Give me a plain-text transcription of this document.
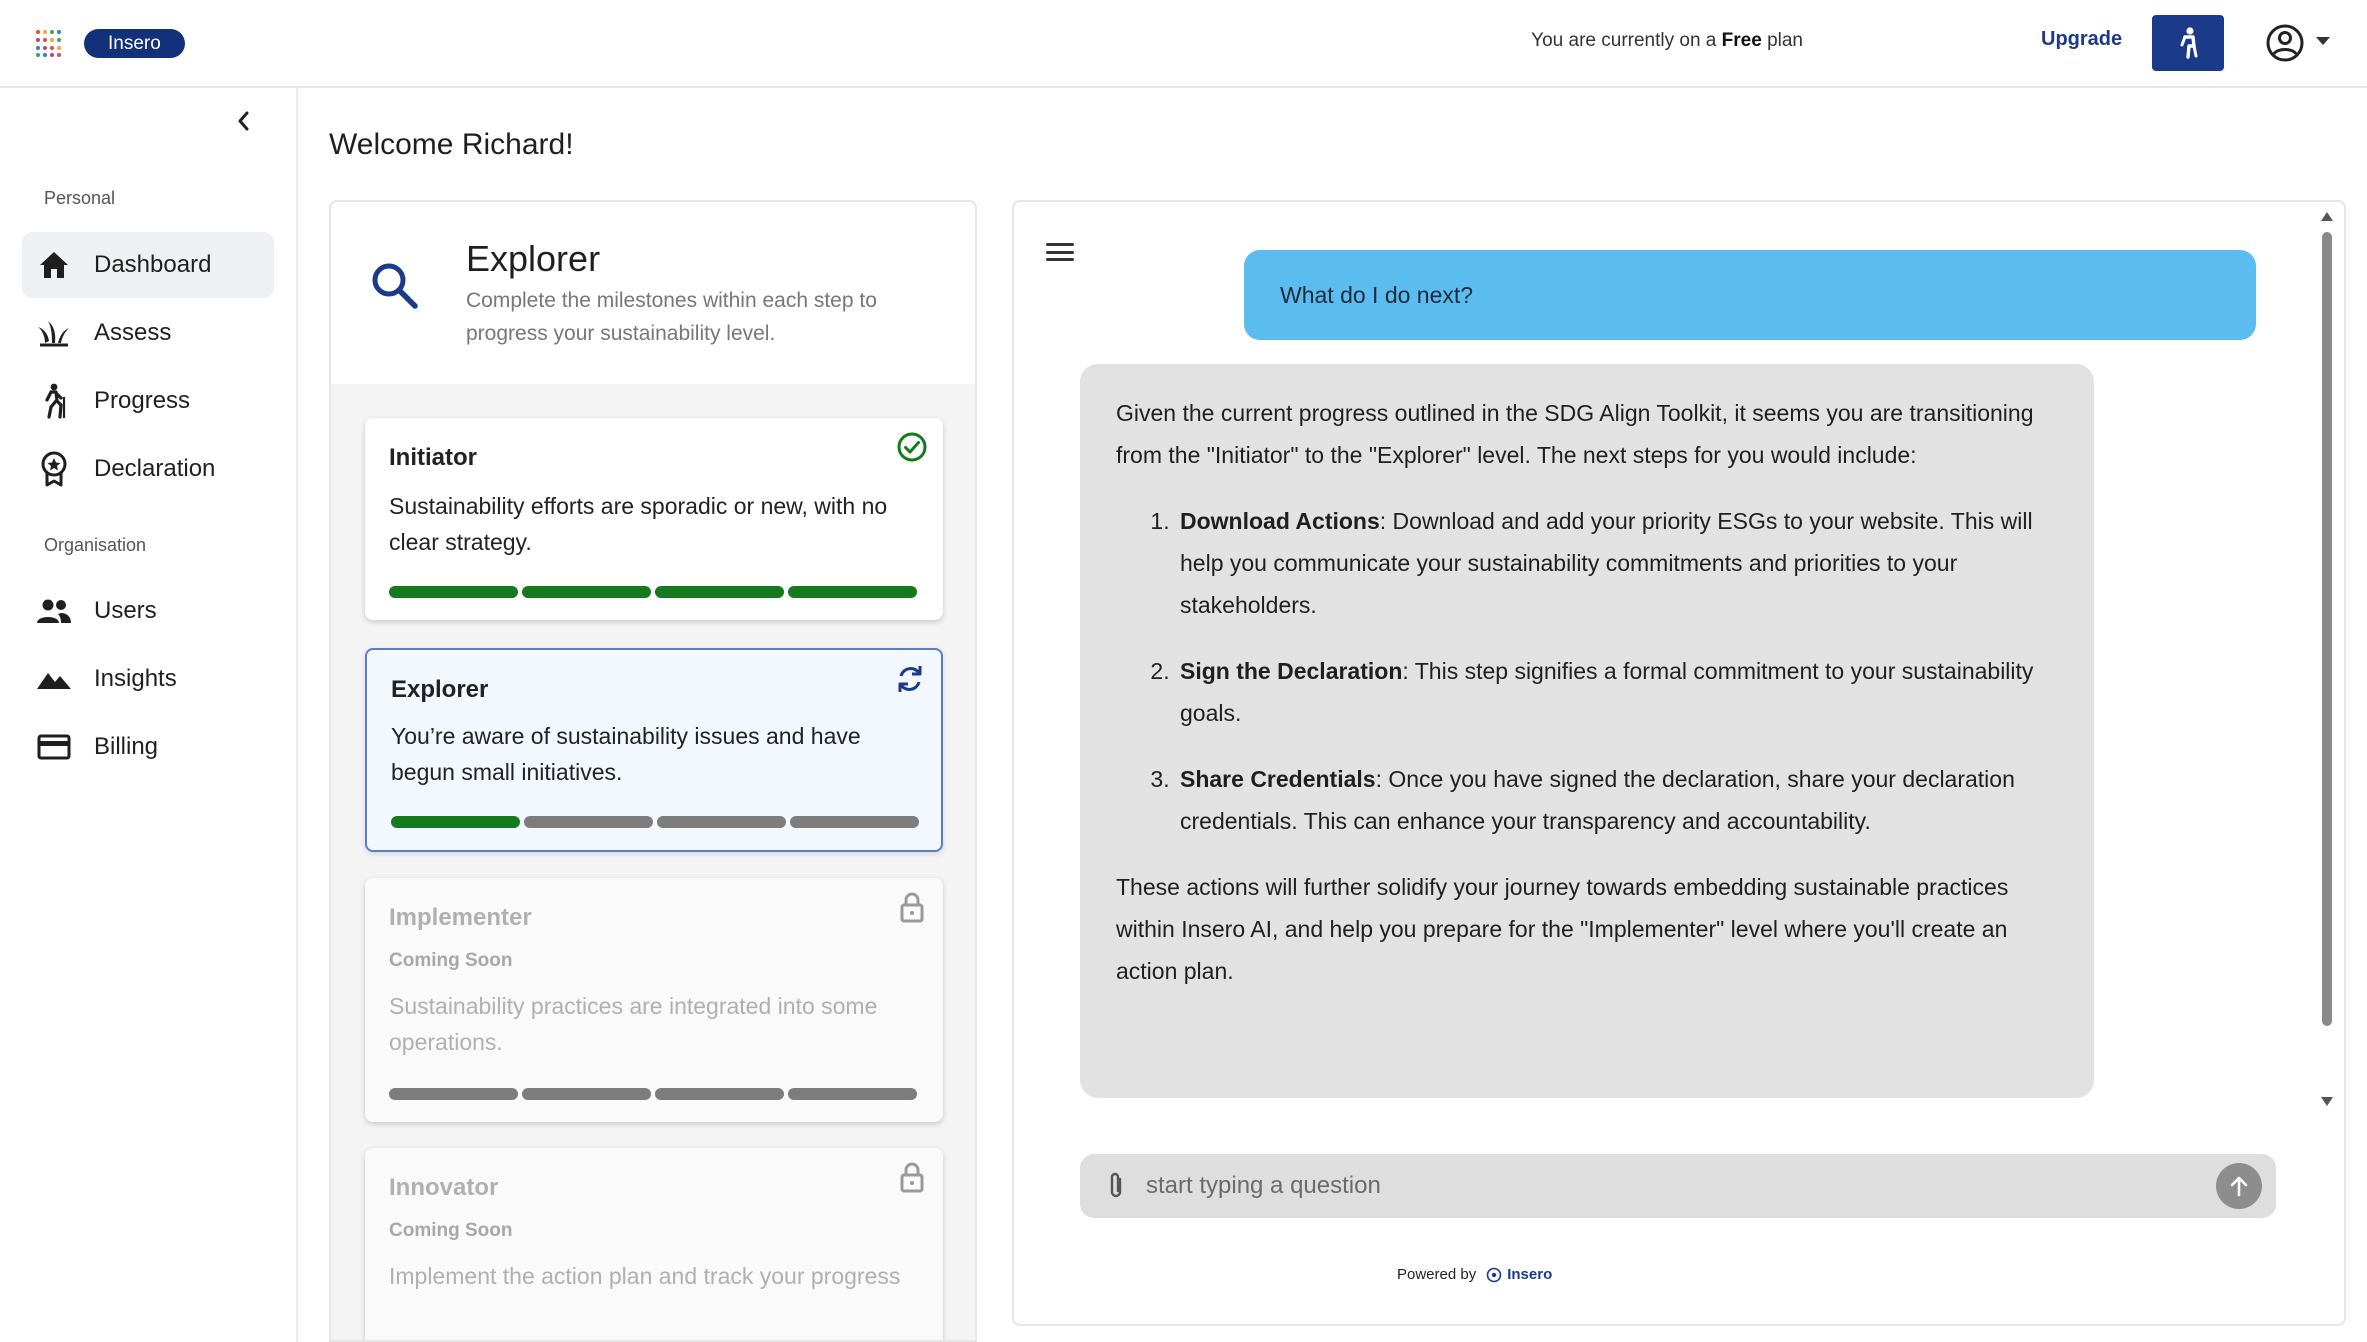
Insero	You are currently on a Free plan	Upgrade
Personal
Dashboard
Assess
Progress
Declaration
Organisation
Users
Insights
Billing
Welcome Richard!
Explorer
Complete the milestones within each step to progress your sustainability level.
Initiator
Sustainability efforts are sporadic or new, with no clear strategy.
Explorer
You’re aware of sustainability issues and have begun small initiatives.
Implementer
Coming Soon
Sustainability practices are integrated into some operations.
Innovator
Coming Soon
Implement the action plan and track your progress
What do I do next?

Given the current progress outlined in the SDG Align Toolkit, it seems you are transitioning from the "Initiator" to the "Explorer" level. The next steps for you would include:

1. Download Actions: Download and add your priority ESGs to your website. This will help you communicate your sustainability commitments and priorities to your stakeholders.
2. Sign the Declaration: This step signifies a formal commitment to your sustainability goals.
3. Share Credentials: Once you have signed the declaration, share your declaration credentials. This can enhance your transparency and accountability.

These actions will further solidify your journey towards embedding sustainable practices within Insero AI, and help you prepare for the "Implementer" level where you'll create an action plan.

start typing a question
Powered by Insero
